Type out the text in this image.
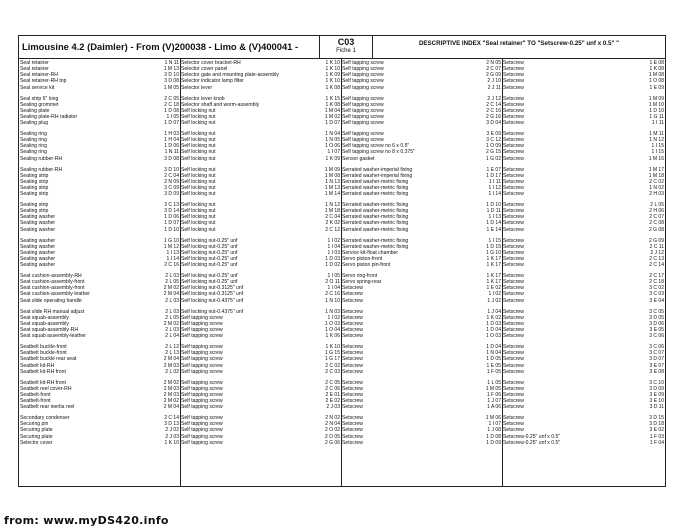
Limousine 4.2 (Daimler) - From (V)200038 - Limo & (V)400041 -	C03
Fiche 1
DESCRIPTIVE INDEX "Seal retainer" TO "Setscrew-0.25" unf x 0.5" "
Seal retainer	1 N 11
Seal retainer	1 M 13
Seal retainer-RH	3 D 10
Seal retainer-RH top	3 D 08
Seal service kit	1 M 05
Seal strip 6" long	2 C 05
Sealing grommet	2 C 18
Sealing plate	1 D 08
Sealing plate-RH radiator	1 I 05
Sealing plug	1 D 07
Sealing ring	1 H 03
Sealing ring	1 H 04
Sealing ring	1 D 06
Sealing ring	1 N 11
Sealing rubber-RH	3 D 08
Sealing rubber-RH	3 D 10
Seating strip	2 C 04
Seating strip	2 N 09
Seating strip	3 C 09
Seating strip	3 D 09
Seating strip	3 C 13
Seating strip	3 D 14
Seating washer	1 D 06
Seating washer	1 D 07
Seating washer	1 D 10
Seating washer	1 G 10
Seating washer	1 M 12
Seating washer	1 I 13
Seating washer	1 I 14
Seating washer	2 C 16
Seat cushion-assembly-RH	2 L 03
Seat cushion-assembly-front	2 L 05
Seat cushion-assembly-front	2 M 02
Seat cushion-assembly-leather	2 M 04
Seat slide operating handle	2 L 03
Seat slide RH manual adjust	2 L 03
Seat squab-assembly	2 L 05
Seat squab-assembly	2 M 02
Seat squab-assembly-RH	2 L 03
Seat squab assembly-leather	2 L 04
Seatbelt buckle-front	2 L 12
Seatbelt buckle-front	2 L 13
Seatbelt buckle rear seat	2 M 04
Seatbelt kit-RH	2 M 03
Seatbelt kit-RH front	2 L 02
Seatbelt kit-RH front	2 M 02
Seatbelt reel cover-RH	2 M 03
Seatbelt-front	2 M 03
Seatbelt-front	2 M 02
Seatbelt rear inertia reel	2 M 04
Secondary condenser	2 C 14
Securing pin	3 D 13
Securing plate	2 J 02
Securing plate	2 J 03
Selector cover	1 K 10
Selector cover bracket-RH	1 K 10
Selector cover panel	1 K 10
Selector gate and mounting plate-assembly	1 K 09
Selector indicator lamp filter	1 K 10
Selector lever	1 K 08
Selector lever knob	1 K 15
Selector shaft and worm-assembly	1 K 08
Self locking nut	1 M 04
Self locking nut	1 M 02
Self locking nut	1 D 07
Self locking nut	1 N 04
Self locking nut	1 N 05
Self locking nut	1 O 06
Self locking nut	1 I 07
Self locking nut	1 K 09
Self locking nut	1 M 09
Self locking nut	1 M 08
Self locking nut	1 N 13
Self locking nut	1 M 13
Self locking nut	1 M 14
Self locking nut	1 N 12
Self locking nut	1 M 18
Self locking nut	2 C 04
Self locking nut	2 K 02
Self locking nut	2 C 12
Self locking nut-0.25" unf	1 I 02
Self locking nut-0.25" unf	1 I 04
Self locking nut-0.25" unf	1 I 03
Self locking nut-0.25" unf	1 D 03
Self locking nut-0.25" unf	1 D 02
Self locking nut-0.25" unf	1 I 05
Self locking nut-0.25" unf	2 O 11
Self locking nut-0.3125" unf	1 I 04
Self locking nut-0.3125" unf	2 C 16
Self locking nut-0.4375" unf	1 N 10
Self locking nut-0.4375" unf	1 N 03
Self tapping screw	1 I 02
Self tapping screw	1 O 03
Self tapping screw	1 O 04
Self tapping screw	1 K 06
Self tapping screw	1 K 10
Self tapping screw	1 G 15
Self tapping screw	1 G 17
Self tapping screw	2 C 02
Self tapping screw	2 C 03
Self tapping screw	2 C 05
Self tapping screw	2 C 06
Self tapping screw	2 E 01
Self tapping screw	2 E 02
Self tapping screw	2 J 03
Self tapping screw	2 N 02
Self tapping screw	2 N 04
Self tapping screw	2 O 02
Self tapping screw	2 O 05
Self tapping screw	2 G 06
Self tapping screw	2 N 05
Self tapping screw	2 C 07
Self tapping screw	2 G 09
Self tapping screw	2 J 10
Self tapping screw	2 J 11
Self tapping screw	2 J 12
Self tapping screw	2 C 14
Self tapping screw	2 C 16
Self tapping screw	2 G 16
Self tapping screw	3 D 04
Self tapping screw	3 E 09
Self tapping screw	3 C 12
Self tapping screw no 6 x 0.5"	1 O 09
Self tapping screw no 8 x 0.375"	2 G 15
Sensor gasket	1 G 02
Serrated washer-imperial fixing	1 E 07
Serrated washer-imperial fixing	1 D 17
Serrated washer-metric fixing	1 I 11
Serrated washer-metric fixing	1 I 12
Serrated washer-metric fixing	1 I 14
Serrated washer-metric fixing	1 D 10
Serrated washer-metric fixing	1 D 11
Serrated washer-metric fixing	1 I 13
Serrated washer-metric fixing	1 D 14
Serrated washer-metric fixing	1 E 14
Serrated washer-metric fixing	1 I 15
Serrated washer-metric fixing	1 D 15
Service kit-float chamber	1 G 10
Servo piston-front	1 K 17
Servo piston pin-front	1 K 17
Servo ring-front	1 K 17
Servo spring-rear	1 K 17
Setscrew	1 E 02
Setscrew	1 I 02
Setscrew	1 J 02
Setscrew	1 J 04
Setscrew	1 K 02
Setscrew	1 D 03
Setscrew	1 D 04
Setscrew	1 O 03
Setscrew	1 D 04
Setscrew	1 N 04
Setscrew	1 D 05
Setscrew	1 E 05
Setscrew	1 F 05
Setscrew	1 L 05
Setscrew	1 M 05
Setscrew	1 F 06
Setscrew	1 J 07
Setscrew	1 A 06
Setscrew	1 M 06
Setscrew	1 I 07
Setscrew	1 J 08
Setscrew	1 D 08
Setscrew	1 D 09
Setscrew	1 E 08
Setscrew	1 K 08
Setscrew	1 M 08
Setscrew	1 O 08
Setscrew	1 E 09
Setscrew	1 M 09
Setscrew	1 M 10
Setscrew	1 D 10
Setscrew	1 G 11
Setscrew	1 I 11
Setscrew	1 M 11
Setscrew	1 N 12
Setscrew	1 I 15
Setscrew	1 I 15
Setscrew	1 M 16
Setscrew	1 M 17
Setscrew	1 M 18
Setscrew	2 C 02
Setscrew	1 N 02
Setscrew	2 H 03
Setscrew	2 L 05
Setscrew	2 H 06
Setscrew	2 C 07
Setscrew	2 C 08
Setscrew	2 G 08
Setscrew	2 G 09
Setscrew	2 C 11
Setscrew	2 J 12
Setscrew	2 C 13
Setscrew	2 C 14
Setscrew	2 C 17
Setscrew	2 C 18
Setscrew	3 C 02
Setscrew	3 C 03
Setscrew	3 E 04
Setscrew	3 C 05
Setscrew	3 D 05
Setscrew	3 D 06
Setscrew	3 E 05
Setscrew	3 C 06
Setscrew	3 C 06
Setscrew	3 C 07
Setscrew	3 D 07
Setscrew	3 E 07
Setscrew	3 E 08
Setscrew	3 C 10
Setscrew	3 D 09
Setscrew	3 E 09
Setscrew	3 E 10
Setscrew	3 D 11
Setscrew	3 D 15
Setscrew	3 D 18
Setscrew	3 E 02
Setscrew-0.25" unf x 0.5"	1 F 03
Setscrew-0.25" unf x 0.5"	1 F 04
from: www.myDS420.info
